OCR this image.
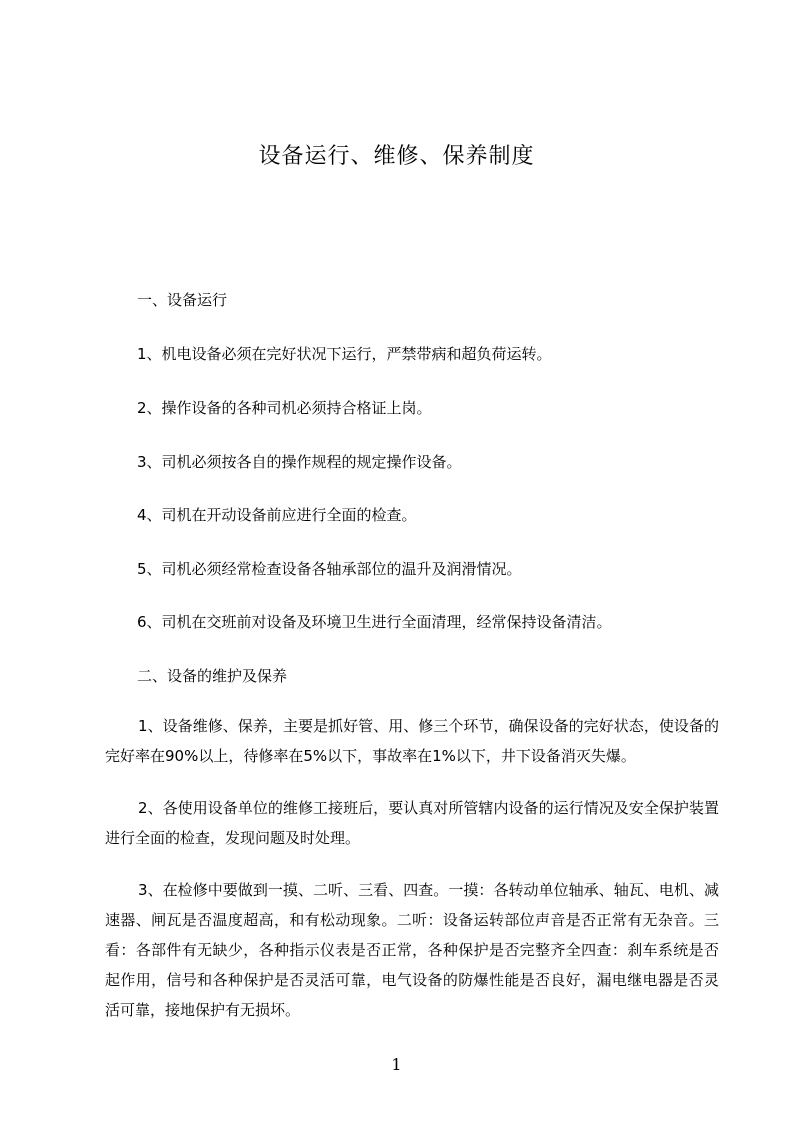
设备运行、维修、保养制度
一、设备运行
1、机电设备必须在完好状况下运行，严禁带病和超负荷运转。
2、操作设备的各种司机必须持合格证上岗。
3、司机必须按各自的操作规程的规定操作设备。
4、司机在开动设备前应进行全面的检查。
5、司机必须经常检查设备各轴承部位的温升及润滑情况。
6、司机在交班前对设备及环境卫生进行全面清理，经常保持设备清洁。
二、设备的维护及保养
1、设备维修、保养，主要是抓好管、用、修三个环节，确保设备的完好状态，使设备的完好率在90%以上，待修率在5%以下，事故率在1%以下，井下设备消灭失爆。
2、各使用设备单位的维修工接班后，要认真对所管辖内设备的运行情况及安全保护装置进行全面的检查，发现问题及时处理。
3、在检修中要做到一摸、二听、三看、四查。一摸：各转动单位轴承、轴瓦、电机、减速器、闸瓦是否温度超高，和有松动现象。二听：设备运转部位声音是否正常有无杂音。三看：各部件有无缺少，各种指示仪表是否正常，各种保护是否完整齐全四查：刹车系统是否起作用，信号和各种保护是否灵活可靠，电气设备的防爆性能是否良好，漏电继电器是否灵活可靠，接地保护有无损坏。
1
